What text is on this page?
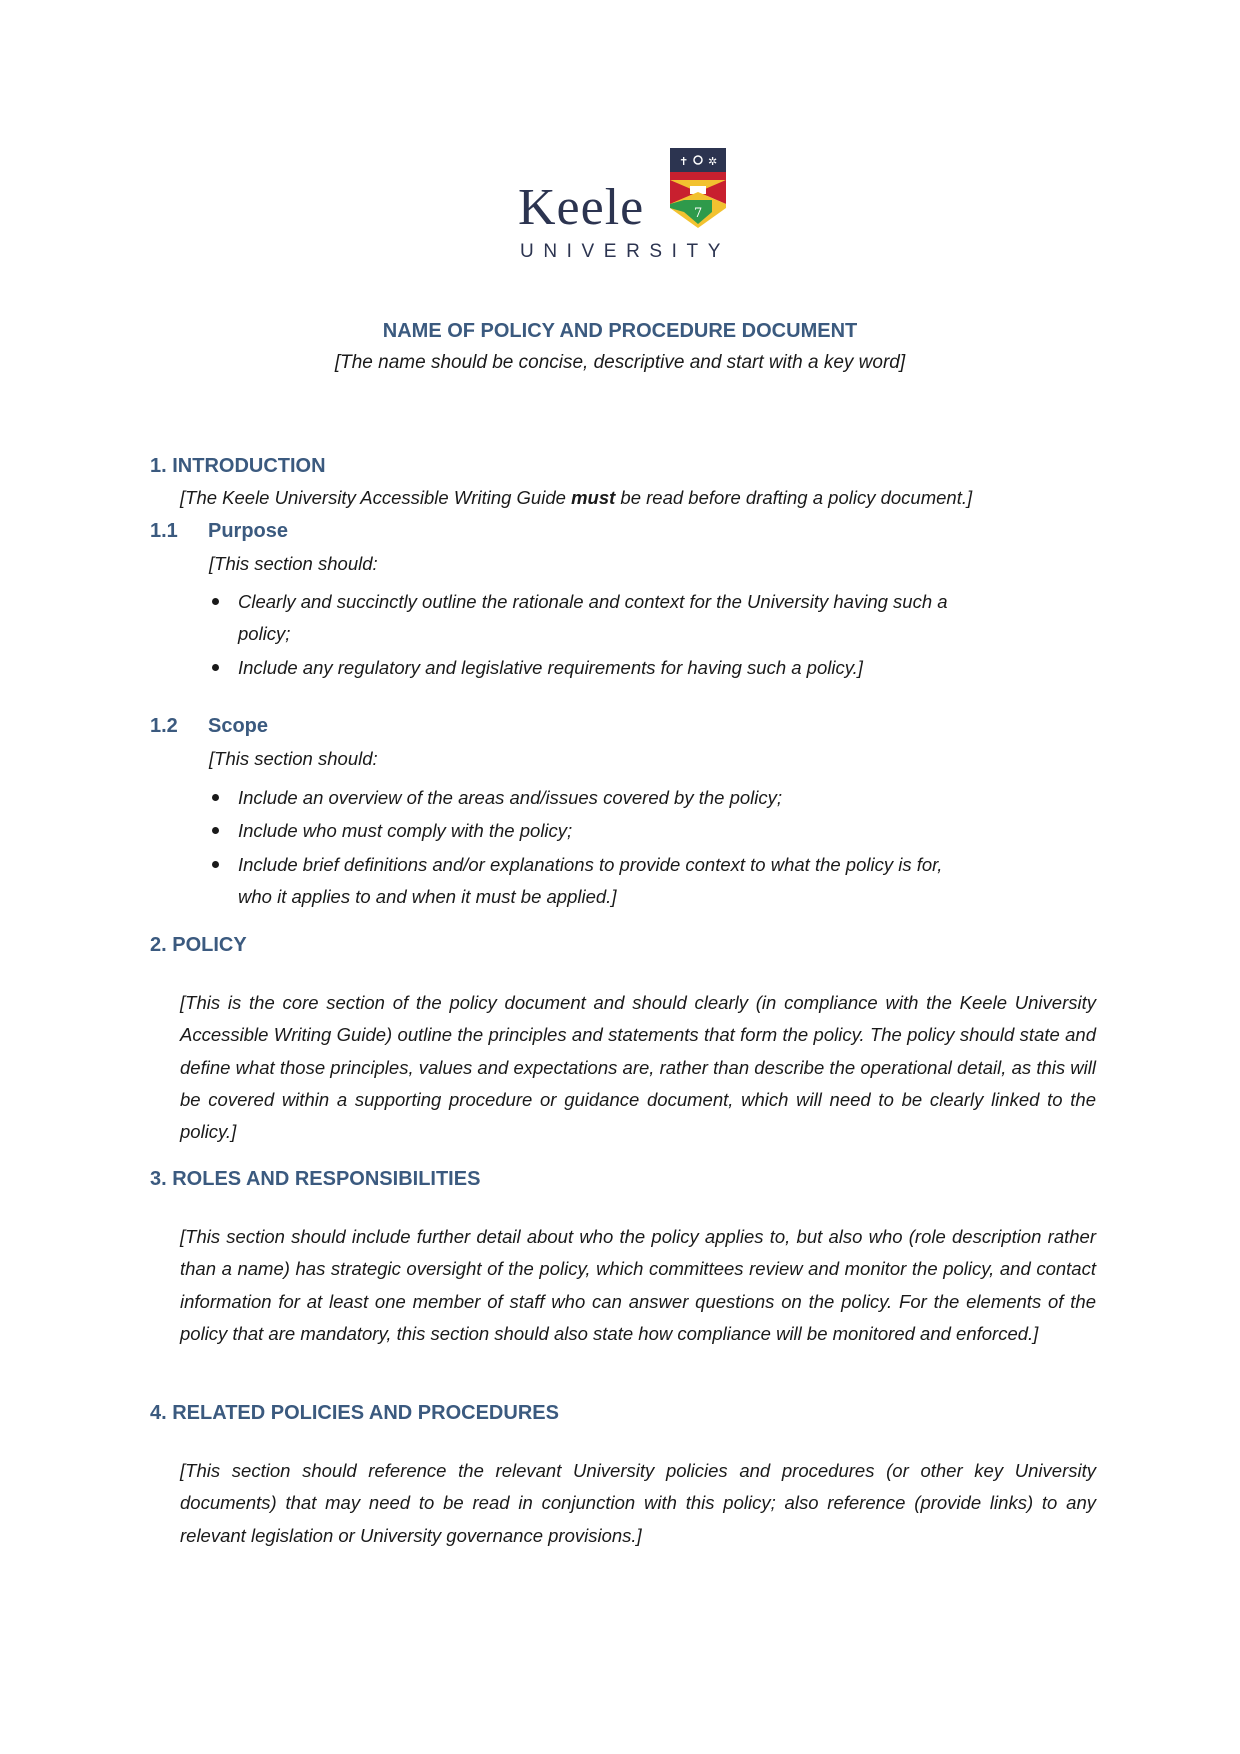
Keele
UNIVERSITY
✝ ✲
7
NAME OF POLICY AND PROCEDURE DOCUMENT
[The name should be concise, descriptive and start with a key word]
1. INTRODUCTION
[The Keele University Accessible Writing Guide must be read before drafting a policy document.]
1.1 Purpose
[This section should:
Clearly and succinctly outline the rationale and context for the University having such a
policy;
Include any regulatory and legislative requirements for having such a policy.]
1.2 Scope
[This section should:
Include an overview of the areas and/issues covered by the policy;
Include who must comply with the policy;
Include brief definitions and/or explanations to provide context to what the policy is for,
who it applies to and when it must be applied.]
2. POLICY
[This is the core section of the policy document and should clearly (in compliance with the Keele University Accessible Writing Guide) outline the principles and statements that form the policy. The policy should state and define what those principles, values and expectations are, rather than describe the operational detail, as this will be covered within a supporting procedure or guidance document, which will need to be clearly linked to the policy.]
3. ROLES AND RESPONSIBILITIES
[This section should include further detail about who the policy applies to, but also who (role description rather than a name) has strategic oversight of the policy, which committees review and monitor the policy, and contact information for at least one member of staff who can answer questions on the policy. For the elements of the policy that are mandatory, this section should also state how compliance will be monitored and enforced.]
4. RELATED POLICIES AND PROCEDURES
[This section should reference the relevant University policies and procedures (or other key University documents) that may need to be read in conjunction with this policy; also reference (provide links) to any relevant legislation or University governance provisions.]
